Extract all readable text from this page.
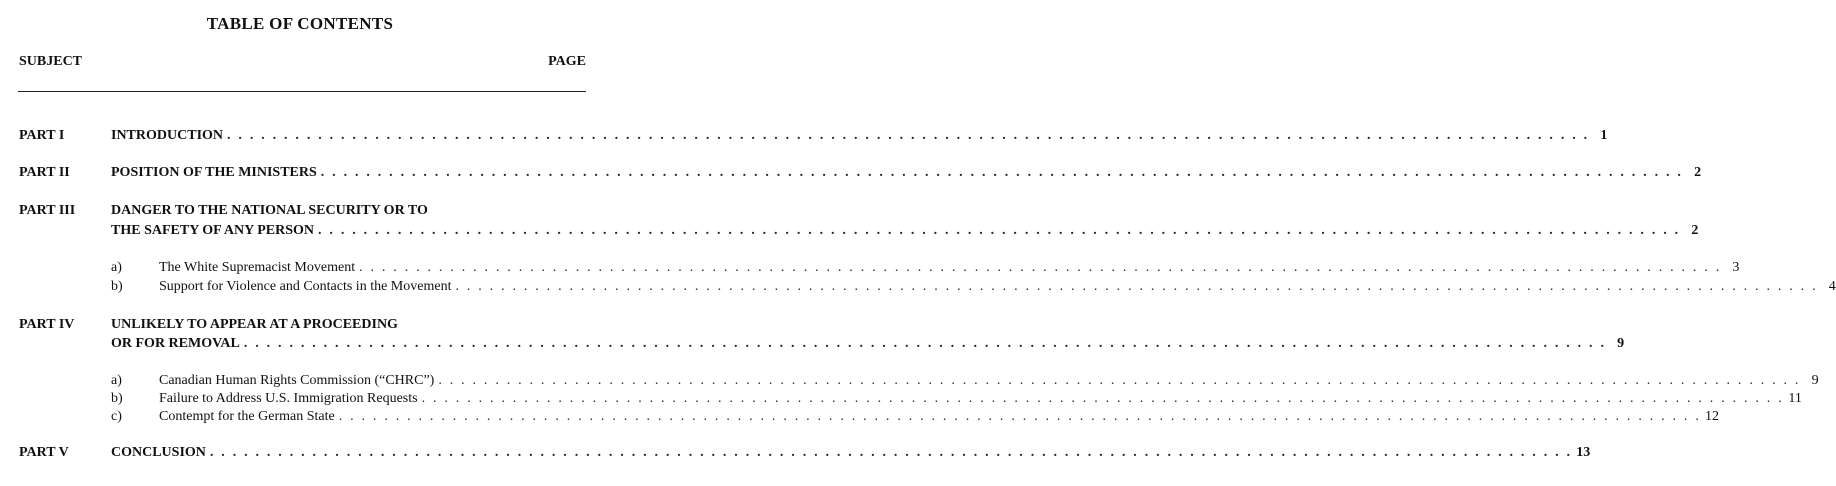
TABLE OF CONTENTS
SUBJECT	PAGE
PART I	INTRODUCTION . . . . . . . . . . . . . . . . . . . . . . . . . . . . . . . . . . . . . . . . . . . . . . . . . . . . . . . . . . . . . . . . . . . . . . . . . . . . . . . . . . . . . . . . . . . . . . . . . . . . . . . . . . . . . . . . . . . . . . . . 1
PART II	POSITION OF THE MINISTERS . . . . . . . . . . . . . . . . . . . . . . . . . . . . . . . . . . . . . . . . . . . . . . . . . . . . . . . . . . . . . . . . . . . . . . . . . . . . . . . . . . . . . . . . . . . . . . . . . . . . . . . . . . . . . . . . . . . . . . . . 2
PART III	DANGER TO THE NATIONAL SECURITY OR TO
THE SAFETY OF ANY PERSON . . . . . . . . . . . . . . . . . . . . . . . . . . . . . . . . . . . . . . . . . . . . . . . . . . . . . . . . . . . . . . . . . . . . . . . . . . . . . . . . . . . . . . . . . . . . . . . . . . . . . . . . . . . . . . . . . . . . . . . . 2
a)	The White Supremacist Movement . . . . . . . . . . . . . . . . . . . . . . . . . . . . . . . . . . . . . . . . . . . . . . . . . . . . . . . . . . . . . . . . . . . . . . . . . . . . . . . . . . . . . . . . . . . . . . . . . . . . . . . . . . . . . . . . . . . . . . . . 3
b)	Support for Violence and Contacts in the Movement . . . . . . . . . . . . . . . . . . . . . . . . . . . . . . . . . . . . . . . . . . . . . . . . . . . . . . . . . . . . . . . . . . . . . . . . . . . . . . . . . . . . . . . . . . . . . . . . . . . . . . . . . . . . . . . . . . . . . . . . 4
PART IV	UNLIKELY TO APPEAR AT A PROCEEDING
OR FOR REMOVAL . . . . . . . . . . . . . . . . . . . . . . . . . . . . . . . . . . . . . . . . . . . . . . . . . . . . . . . . . . . . . . . . . . . . . . . . . . . . . . . . . . . . . . . . . . . . . . . . . . . . . . . . . . . . . . . . . . . . . . . . 9
a)	Canadian Human Rights Commission (“CHRC”) . . . . . . . . . . . . . . . . . . . . . . . . . . . . . . . . . . . . . . . . . . . . . . . . . . . . . . . . . . . . . . . . . . . . . . . . . . . . . . . . . . . . . . . . . . . . . . . . . . . . . . . . . . . . . . . . . . . . . . . . 9
b)	Failure to Address U.S. Immigration Requests . . . . . . . . . . . . . . . . . . . . . . . . . . . . . . . . . . . . . . . . . . . . . . . . . . . . . . . . . . . . . . . . . . . . . . . . . . . . . . . . . . . . . . . . . . . . . . . . . . . . . . . . . . . . . . . . . . . . . . . . 11
c)	Contempt for the German State . . . . . . . . . . . . . . . . . . . . . . . . . . . . . . . . . . . . . . . . . . . . . . . . . . . . . . . . . . . . . . . . . . . . . . . . . . . . . . . . . . . . . . . . . . . . . . . . . . . . . . . . . . . . . . . . . . . . . . . . 12
PART V	CONCLUSION . . . . . . . . . . . . . . . . . . . . . . . . . . . . . . . . . . . . . . . . . . . . . . . . . . . . . . . . . . . . . . . . . . . . . . . . . . . . . . . . . . . . . . . . . . . . . . . . . . . . . . . . . . . . . . . . . . . . . . . . 13
